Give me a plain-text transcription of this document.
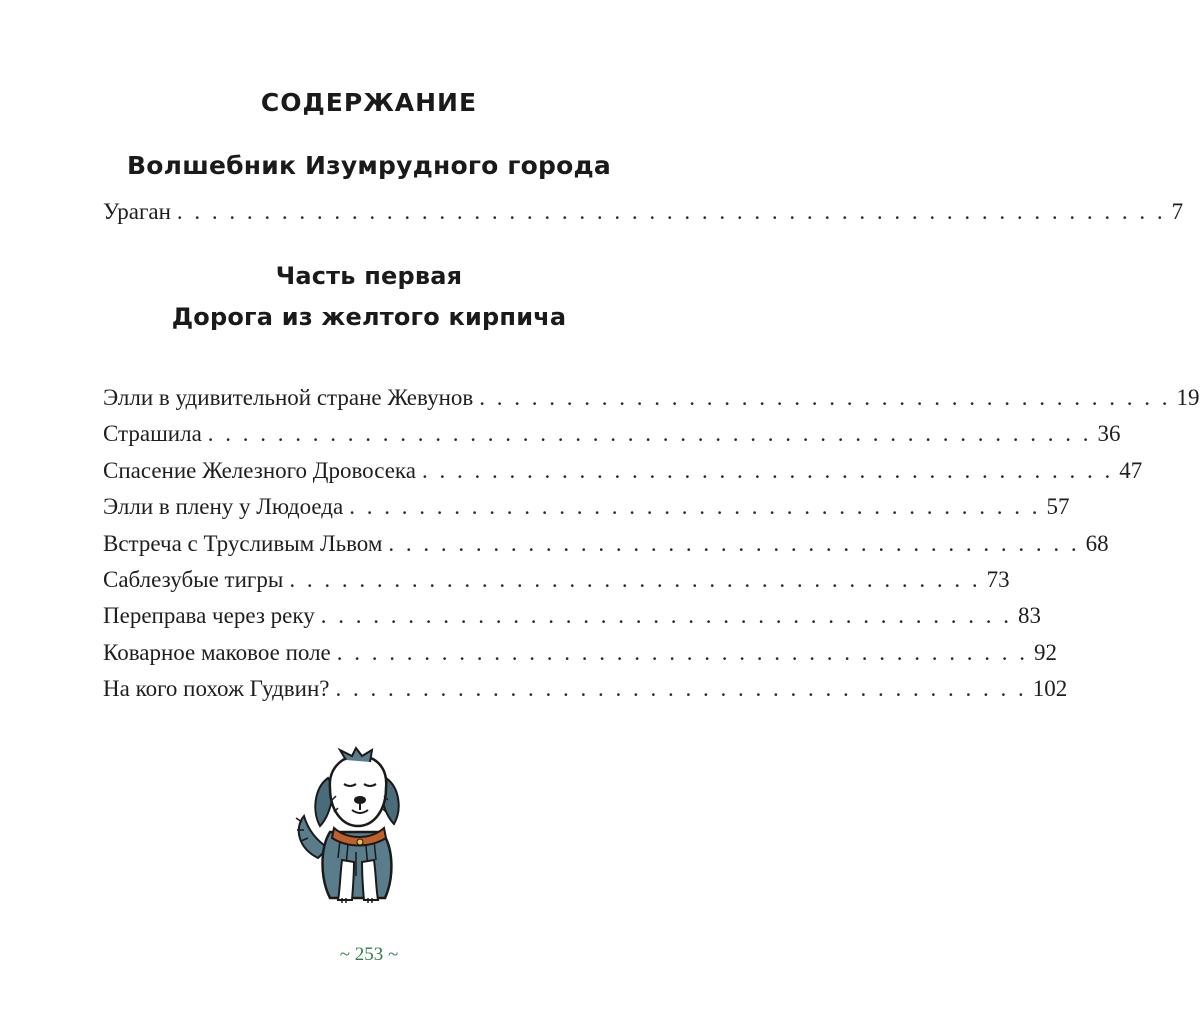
СОДЕРЖАНИЕ
Волшебник Изумрудного города
Ураган . . . . . . . . . . . . . . . . . . . . . . . . . . . . . . . . . . . . . . . . . . . . . . . . . . . . . . . . . 7
Часть первая
Дорога из желтого кирпича
Элли в удивительной стране Жевунов . . . . . . . . . . . . . . . . . . . . . . . . . . . . . . . . . . . . . . . . 19
Страшила . . . . . . . . . . . . . . . . . . . . . . . . . . . . . . . . . . . . . . . . . . . . . . . . . . . 36
Спасение Железного Дровосека . . . . . . . . . . . . . . . . . . . . . . . . . . . . . . . . . . . . . . . . 47
Элли в плену у Людоеда . . . . . . . . . . . . . . . . . . . . . . . . . . . . . . . . . . . . . . . . 57
Встреча с Трусливым Львом . . . . . . . . . . . . . . . . . . . . . . . . . . . . . . . . . . . . . . . . 68
Саблезубые тигры . . . . . . . . . . . . . . . . . . . . . . . . . . . . . . . . . . . . . . . . 73
Переправа через реку . . . . . . . . . . . . . . . . . . . . . . . . . . . . . . . . . . . . . . . . 83
Коварное маковое поле . . . . . . . . . . . . . . . . . . . . . . . . . . . . . . . . . . . . . . . . 92
На кого похож Гудвин? . . . . . . . . . . . . . . . . . . . . . . . . . . . . . . . . . . . . . . . . 102
~ 253 ~
